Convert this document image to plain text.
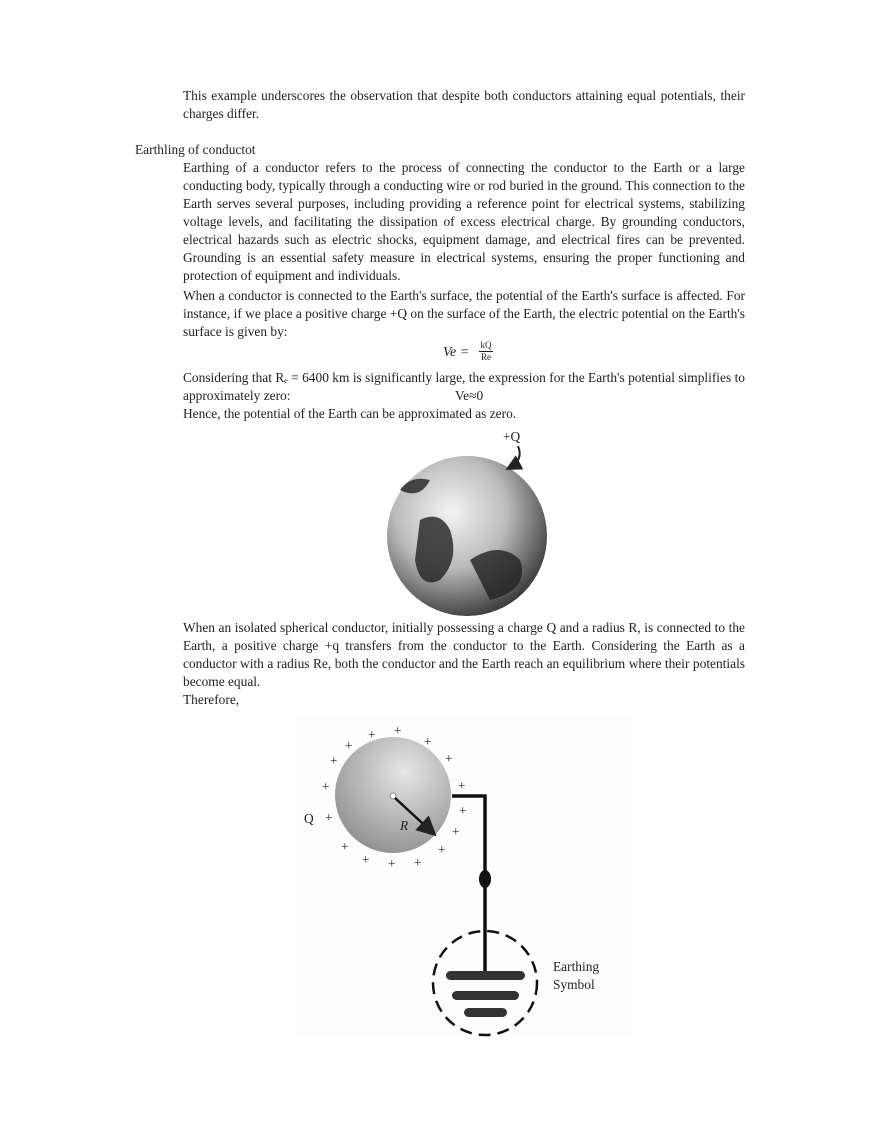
This example underscores the observation that despite both conductors attaining equal potentials, their charges differ.
Earthling of conductot
Earthing of a conductor refers to the process of connecting the conductor to the Earth or a large conducting body, typically through a conducting wire or rod buried in the ground. This connection to the Earth serves several purposes, including providing a reference point for electrical systems, stabilizing voltage levels, and facilitating the dissipation of excess electrical charge. By grounding conductors, electrical hazards such as electric shocks, equipment damage, and electrical fires can be prevented. Grounding is an essential safety measure in electrical systems, ensuring the proper functioning and protection of equipment and individuals.
When a conductor is connected to the Earth's surface, the potential of the Earth's surface is affected. For instance, if we place a positive charge +Q on the surface of the Earth, the electric potential on the Earth's surface is given by:
$Ve = \frac{kQ}{Re}$
Considering that Rₑ = 6400 km is significantly large, the expression for the Earth's potential simplifies to approximately zero:	Ve≈0
Hence, the potential of the Earth can be approximated as zero.
+Q
When an isolated spherical conductor, initially possessing a charge Q and a radius R, is connected to the Earth, a positive charge +q transfers from the conductor to the Earth. Considering the Earth as a conductor with a radius Re, both the conductor and the Earth reach an equilibrium where their potentials become equal.
Therefore,
Q	R
+
+	+
+
+
+
+	+
+
+
+
+	+
+ + +
Earthing
Symbol
